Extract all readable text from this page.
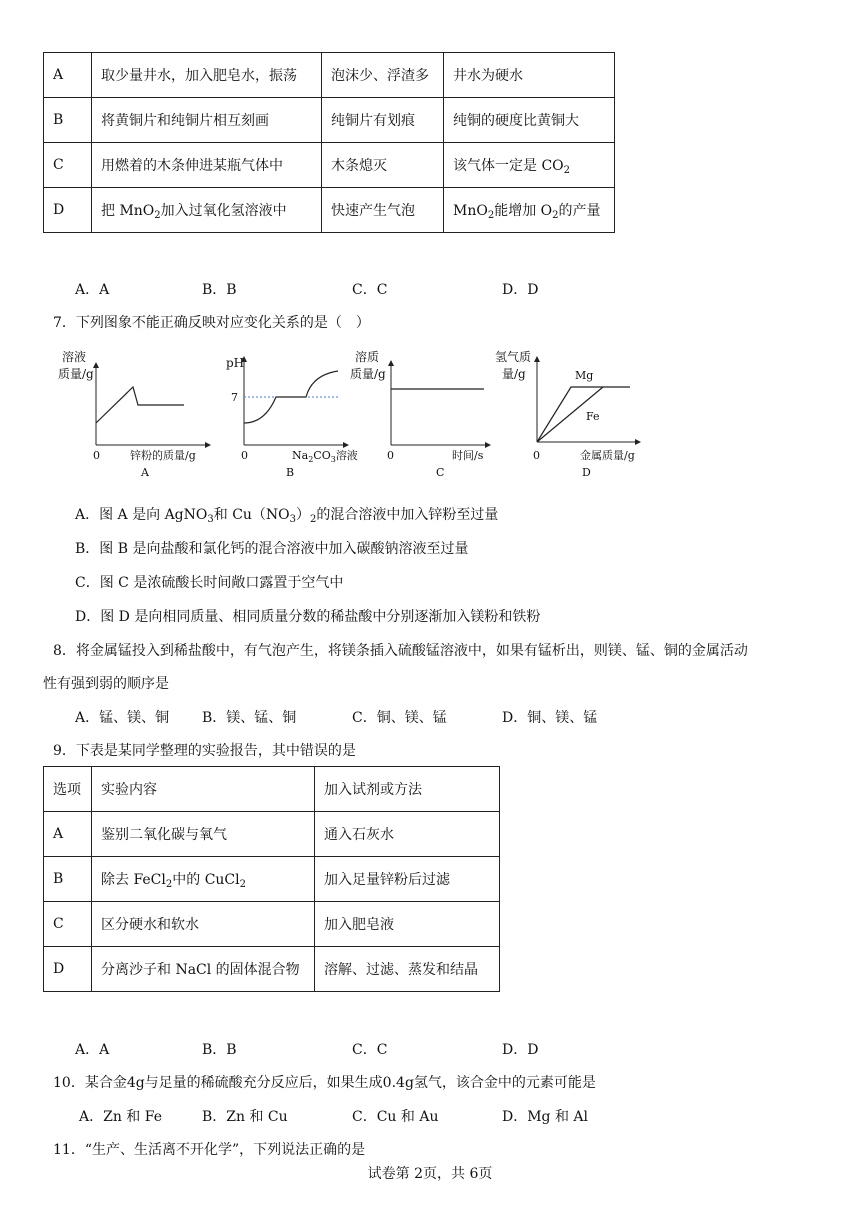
A	取少量井水，加入肥皂水，振荡	泡沫少、浮渣多	井水为硬水
B	将黄铜片和纯铜片相互刻画	纯铜片有划痕	纯铜的硬度比黄铜大
C	用燃着的木条伸进某瓶气体中	木条熄灭	该气体一定是 $CO_2$
D	把 MnO$_2$加入过氧化氢溶液中	快速产生气泡	MnO$_2$能增加 $O_2$的产量
A．A	B．B	C．C	D．D
7．下列图象不能正确反映对应变化关系的是（　）
溶液
质量/g
0	锌粉的质量/g
A
pH
7
0	$Na_2CO_3$溶液
B
溶质
质量/g
0	时间/s
C
氢气质
量/g	Mg
Fe
0	金属质量/g
D
A．图 A 是向 AgNO$_3$和 $Cu(NO_3)_2$的混合溶液中加入锌粉至过量
B．图 B 是向盐酸和氯化钙的混合溶液中加入碳酸钠溶液至过量
C．图 C 是浓硫酸长时间敞口露置于空气中
D．图 D 是向相同质量、相同质量分数的稀盐酸中分别逐渐加入镁粉和铁粉
8．将金属锰投入到稀盐酸中，有气泡产生，将镁条插入硫酸锰溶液中，如果有锰析出，则镁、锰、铜的金属活动
性有强到弱的顺序是
A．锰、镁、铜 B．镁、锰、铜	C．铜、镁、锰	D．铜、镁、锰
9．下表是某同学整理的实验报告，其中错误的是
选项	实验内容	加入试剂或方法
A	鉴别二氧化碳与氧气	通入石灰水
B	除去 FeCl$_2$中的 CuCl$_2$	加入足量锌粉后过滤
C	区分硬水和软水	加入肥皂液
D	分离沙子和 NaCl 的固体混合物	溶解、过滤、蒸发和结晶
A．A	B．B	C．C	D．D
10．某合金4g与足量的稀硫酸充分反应后，如果生成0.4g氢气，该合金中的元素可能是
A．Zn 和 Fe	B．Zn 和 Cu	C．Cu 和 Au	D．Mg 和 Al
11．“生产、生活离不开化学”，下列说法正确的是
试卷第 2页，共 6页
